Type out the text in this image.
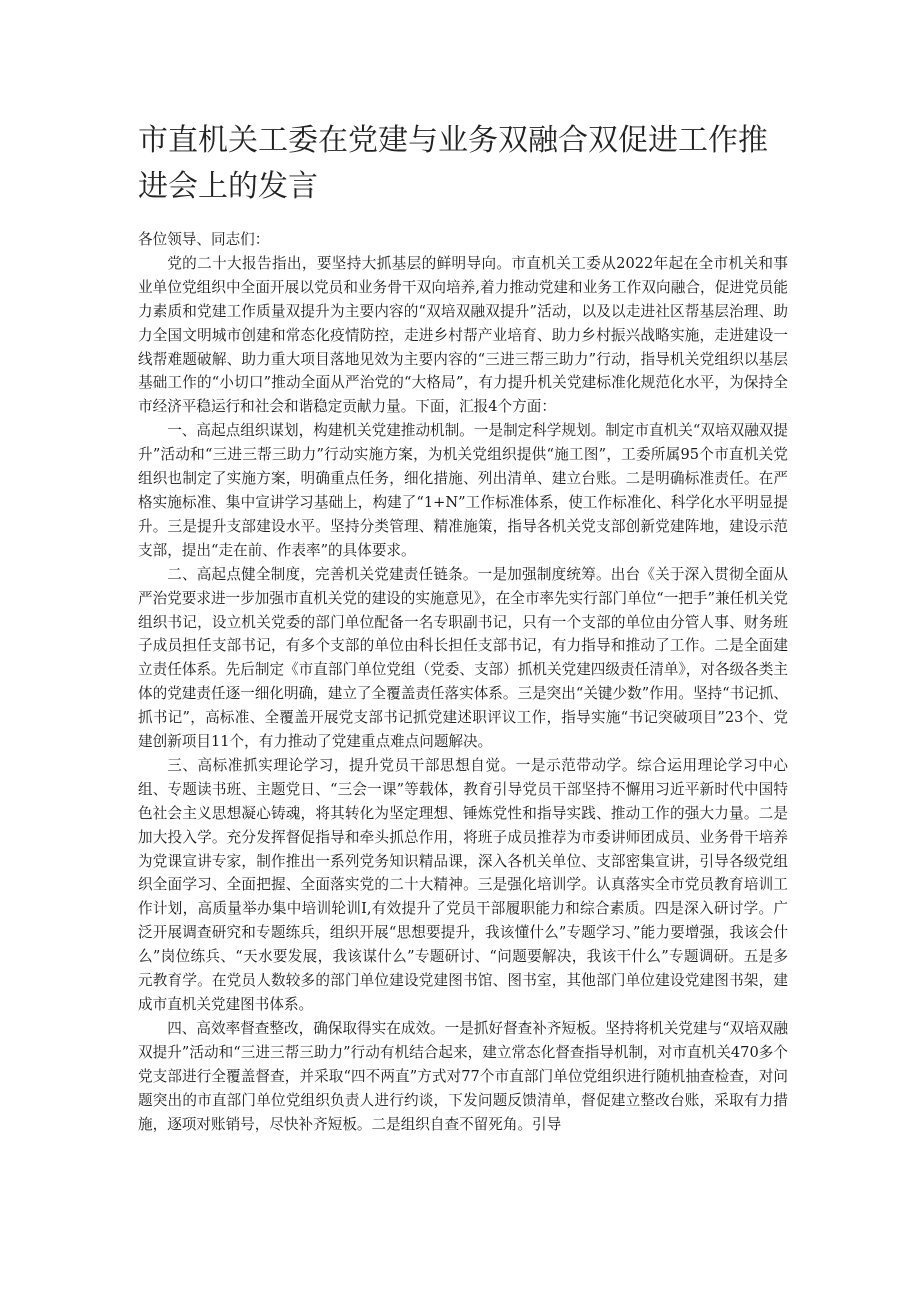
市直机关工委在党建与业务双融合双促进工作推进会上的发言

各位领导、同志们：

党的二十大报告指出，要坚持大抓基层的鲜明导向。市直机关工委从2022年起在全市机关和事业单位党组织中全面开展以党员和业务骨干双向培养,着力推动党建和业务工作双向融合，促进党员能力素质和党建工作质量双提升为主要内容的“双培双融双提升”活动，以及以走进社区帮基层治理、助力全国文明城市创建和常态化疫情防控，走进乡村帮产业培育、助力乡村振兴战略实施，走进建设一线帮难题破解、助力重大项目落地见效为主要内容的“三进三帮三助力”行动，指导机关党组织以基层基础工作的“小切口”推动全面从严治党的“大格局”，有力提升机关党建标准化规范化水平，为保持全市经济平稳运行和社会和谐稳定贡献力量。下面，汇报4个方面：

一、高起点组织谋划，构建机关党建推动机制。一是制定科学规划。制定市直机关“双培双融双提升”活动和“三进三帮三助力”行动实施方案，为机关党组织提供“施工图”，工委所属95个市直机关党组织也制定了实施方案，明确重点任务，细化措施、列出清单、建立台账。二是明确标准责任。在严格实施标准、集中宣讲学习基础上，构建了“1+N”工作标准体系，使工作标准化、科学化水平明显提升。三是提升支部建设水平。坚持分类管理、精准施策，指导各机关党支部创新党建阵地，建设示范支部，提出“走在前、作表率”的具体要求。

二、高起点健全制度，完善机关党建责任链条。一是加强制度统筹。出台《关于深入贯彻全面从严治党要求进一步加强市直机关党的建设的实施意见》，在全市率先实行部门单位“一把手”兼任机关党组织书记，设立机关党委的部门单位配备一名专职副书记，只有一个支部的单位由分管人事、财务班子成员担任支部书记，有多个支部的单位由科长担任支部书记，有力指导和推动了工作。二是全面建立责任体系。先后制定《市直部门单位党组（党委、支部）抓机关党建四级责任清单》，对各级各类主体的党建责任逐一细化明确，建立了全覆盖责任落实体系。三是突出“关键少数”作用。坚持“书记抓、抓书记”，高标准、全覆盖开展党支部书记抓党建述职评议工作，指导实施“书记突破项目”23个、党建创新项目11个，有力推动了党建重点难点问题解决。

三、高标准抓实理论学习，提升党员干部思想自觉。一是示范带动学。综合运用理论学习中心组、专题读书班、主题党日、“三会一课”等载体，教育引导党员干部坚持不懈用习近平新时代中国特色社会主义思想凝心铸魂，将其转化为坚定理想、锤炼党性和指导实践、推动工作的强大力量。二是加大投入学。充分发挥督促指导和牵头抓总作用，将班子成员推荐为市委讲师团成员、业务骨干培养为党课宣讲专家，制作推出一系列党务知识精品课，深入各机关单位、支部密集宣讲，引导各级党组织全面学习、全面把握、全面落实党的二十大精神。三是强化培训学。认真落实全市党员教育培训工作计划，高质量举办集中培训轮训I,有效提升了党员干部履职能力和综合素质。四是深入研讨学。广泛开展调查研究和专题练兵，组织开展“思想要提升，我该懂什么”专题学习、”能力要增强，我该会什么”岗位练兵、“天水要发展，我该谋什么”专题研讨、“问题要解决，我该干什么”专题调研。五是多元教育学。在党员人数较多的部门单位建设党建图书馆、图书室，其他部门单位建设党建图书架，建成市直机关党建图书体系。

四、高效率督查整改，确保取得实在成效。一是抓好督查补齐短板。坚持将机关党建与“双培双融双提升”活动和“三进三帮三助力”行动有机结合起来，建立常态化督查指导机制，对市直机关470多个党支部进行全覆盖督查，并采取“四不两直”方式对77个市直部门单位党组织进行随机抽查检查，对问题突出的市直部门单位党组织负责人进行约谈，下发问题反馈清单，督促建立整改台账，采取有力措施，逐项对账销号，尽快补齐短板。二是组织自查不留死角。引导
